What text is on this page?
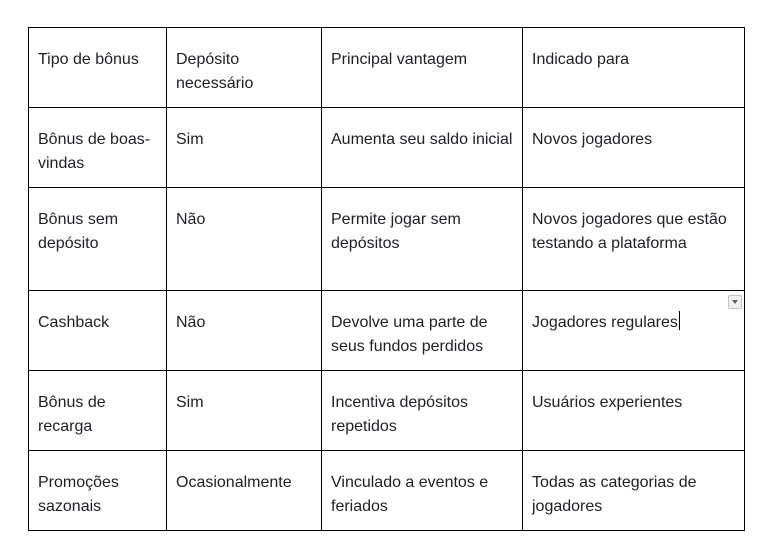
Tipo de bônus	Depósito necessário	Principal vantagem	Indicado para
Bônus de boas-vindas	Sim	Aumenta seu saldo inicial	Novos jogadores
Bônus sem depósito	Não	Permite jogar sem depósitos	Novos jogadores que estão testando a plataforma
Cashback	Não	Devolve uma parte de seus fundos perdidos	Jogadores regulares

Bônus de recarga	Sim	Incentiva depósitos repetidos	Usuários experientes
Promoções sazonais	Ocasionalmente	Vinculado a eventos e feriados	Todas as categorias de jogadores
